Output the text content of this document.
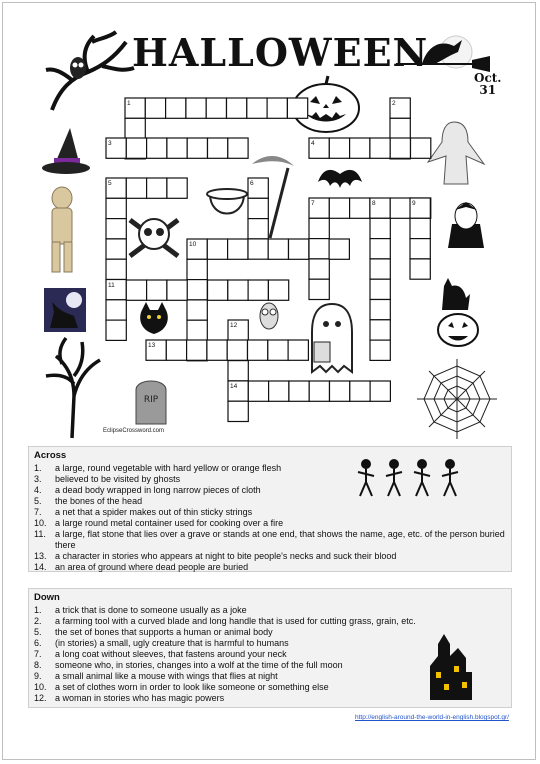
HALLOWEEN
Oct.
31
RIP
1	2
3	4
5	6
7	8	9
10
11
12
13
14
EclipseCrossword.com
Across
1.	a large, round vegetable with hard yellow or orange flesh
3.	believed to be visited by ghosts
4.	a dead body wrapped in long narrow pieces of cloth
5.	the bones of the head
7.	a net that a spider makes out of thin sticky strings
10. a large round metal container used for cooking over a fire
11.	a large, flat stone that lies over a grave or stands at one end, that shows the name, age, etc. of the person buried there
13. a character in stories who appears at night to bite people's necks and suck their blood
14. an area of ground where dead people are buried
Down
1.	a trick that is done to someone usually as a joke
2.	a farming tool with a curved blade and long handle that is used for cutting grass, grain, etc.
5.	the set of bones that supports a human or animal body
6.	(in stories) a small, ugly creature that is harmful to humans
7.	a long coat without sleeves, that fastens around your neck
8.	someone who, in stories, changes into a wolf at the time of the full moon
9.	a small animal like a mouse with wings that flies at night
10. a set of clothes worn in order to look like someone or something else
12. a woman in stories who has magic powers
http://english-around-the-world-in-english.blogspot.gr/
